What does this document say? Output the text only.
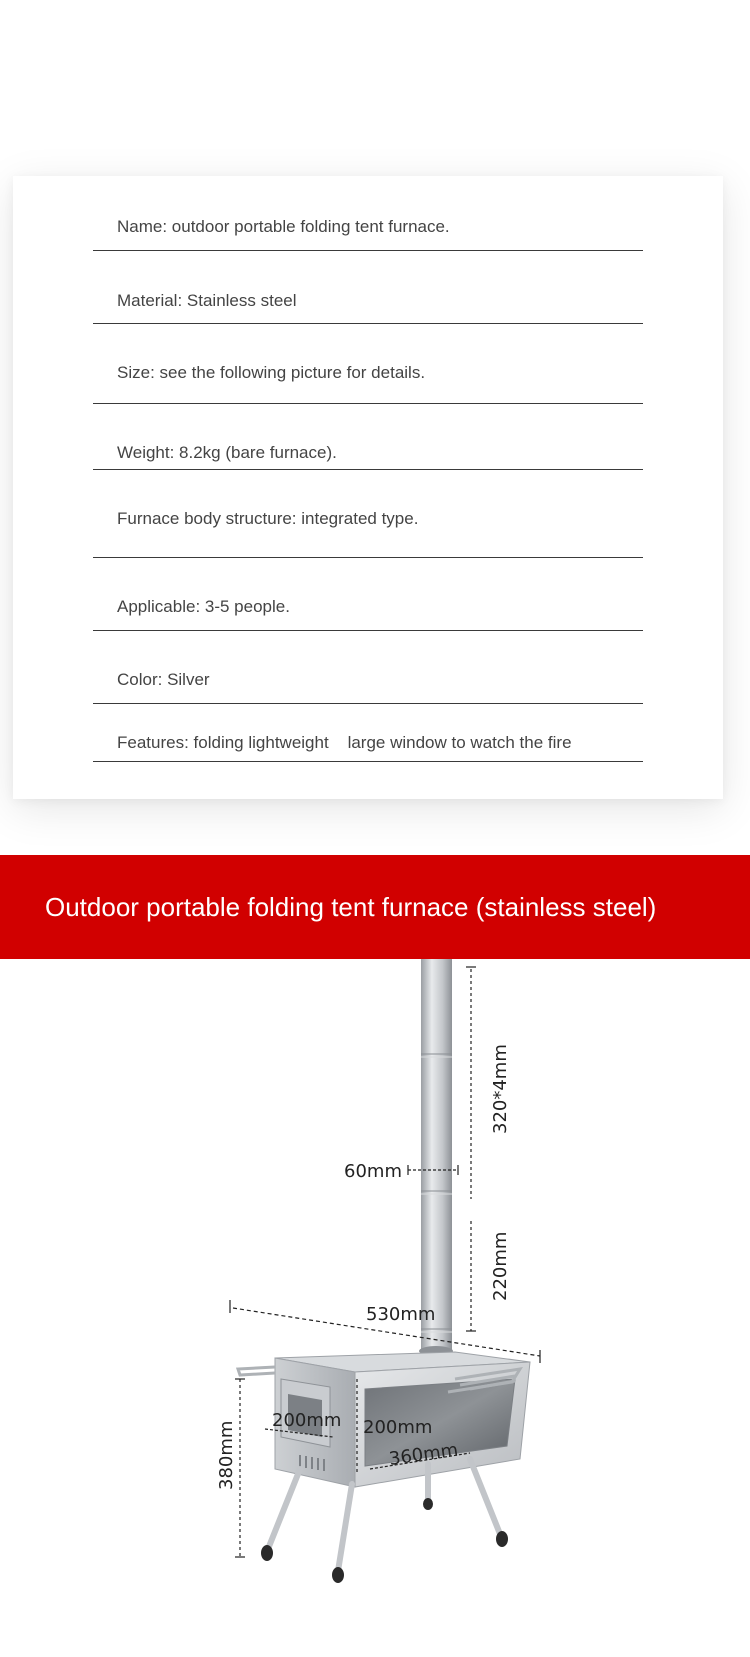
Name: outdoor portable folding tent furnace.
Material: Stainless steel
Size: see the following picture for details.
Weight: 8.2kg (bare furnace).
Furnace body structure: integrated type.
Applicable: 3-5 people.
Color: Silver
Features: folding lightweight    large window to watch the fire
Outdoor portable folding tent furnace (stainless steel)
320*4mm
60mm
220mm
530mm
380mm
200mm 200mm
360mm
